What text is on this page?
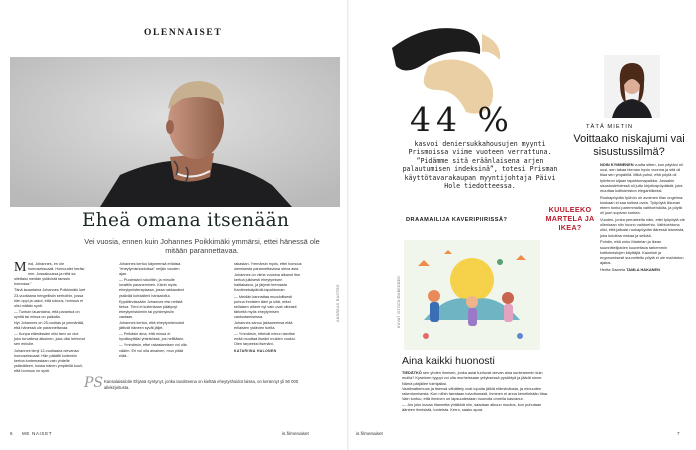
OLENNAISET
ANDREAS RASTRO
Eheä omana itsenään
Vei vuosia, ennen kuin Johannes Poikkimäki ymmärsi, ettei hänessä ole mitään parannettavaa.

Mind, Johannes, en ole homoseksuaali. Homoudet heräsi mm. Jossakuussa ja niitä sa ollettaisi meidän ystävistä tanssin homossa.”

Tänä lauantaina Johannes Poikkimäki luet 23-vuotiaana hengellisiin kerhoihin, jossa hän oppi ja uskoi, että rukous, homous ei olisi mitään synti.

— Tuntuin lauantaina, että parantua on syntiä tai minua on paikalla.

Nyt Johannes on 25-vuotias ja ymmärtää, että hänessä ole parannettavaa.

— Kunpa elämässäni olisi tarvi on olut joku turvaileva aikuinen, joka olisi kertonut sen minulle.

Johannes tienji 12-vuotiaana olevansa homoseksuaali. Hän pääätti kuitenkin kertoa tuntemastaan vain yhdelle ystävälleen, koska hänen ympärillä kuuli, että homous on synti.

Johannes kertoo käyneensä erilaisia "eheytymishoidoissa" neljän vuoden ajan.

— Puolestani rukoiltiin, ja minulle luvattiin paraneminen. Kävin myös eheytymisterapiassa, jossa rakkaudeni ystävää kohdalleni hankaloitui.

Eppäilevässään Johannes etsi netistä tietoa. Tieni ei kuitenkaan päätynyt eheytymistoimiin tai pyrkimyksiin vastaan.

Johannes kertoo, että eheytymishoidot jättivät häneen syvät jäljet.

— Pelkäsin aina, että minua ei hyväksyttäisi yhteisössä, jos hellitäisin.

— Ymmärsin, ettei rakastamisen voi olla väärin. Eri voi olla ainainen, mun pitää elää...

rakastan. Ymmärsin myös, ettei homous olemisesta parannettavissa oleva asia.

Johannes on viime vuosina alkanut itse kertoa julkisesti eheytymisen haittakasvu, ja järjesti teemasta Kantimetsäpäivät-tapahtuman.

— Meidän kannattaa muodollisesti puhua ihmisten ääni ja siitä, miksi sellaisen aiheet nyt vain ovat oikeasti tärkeitä myös eheytymisen vastustamisessa.

Johannes sanoo jaksaneensa elää erilaisten ystävien tuella.

— Ymmärsin, etteivät minun tarvitse enää muuttaa itseäni muiden vuoksi. Olen tarpeeksi itsenäni.

KATARIINA HALONEN

PS Kansalaisaloite Ehjänä syntynyt, jonka tavoitteena on kieltää eheytyshoidot laissa, on kerännyt yli 50 000 allekirjoitusta.

6 ME NAISET	is.fi/menaiset
44 %
kasvoi deniersukkahousujen myynti Prismoissa viime vuoteen verrattuna. ”Pidämme sitä eräänlaisena arjen palautumisen indeksinä”, totesi Prisman käyttötavarakaupan myyntijohtaja Päivi Hole tiedotteessa.
DRAAMAILIJA KAVERIPIIRISSÄ?
KUVAT ISTOCK/EMBEDDED
Aina kaikki huonosti

TIEDÄTKÖ sen yhden ihmisen, jonka asiat tuntuvat olevan aina surkeammin kuin muilla? Kyseinen tyyppi voi olla murheissaan yrityksessä pysähtyä ja jäädä sinne. Nämä pärjäilee toimijaiksi.

Vaatimattomuus ja itsensä vähättely ovat lopulta jälkiä elämänilosta, ja minuuden rakentumisesta. Kun niihin tarrataan toivottomasti, ihminen ei anna kenellekään tilaa. Vain tuntuu, että ihminen on lapsuudestaan huonolla onnella kasvanut.

— Jos joku kuvaa tilannetta yhtäkkiä niin, saadaan alkuun muutos, kun puhutaan ääneen ihmisistä, tunteista. Kerro, saako apua.

TÄTÄ MIETIN
Voittaako niskajumi vai sisustussilmä?
KUULEEKO MARTELA JA IKEA?

NOIN KYMMENEN vuotta sitten, kun päytäni oli uusi, sen takaa hieman hyvin vuonna ja sitä oli tilaa sen ympärillä. Mikä puhui, että pöytä oli työnteon sijaan tapahtumapaikka. Jossakin sisustuslehdessä oli juttu kirjoituspöydästä, joka muuttaa kotitoimiston eleganttiseksi.

Ruokapöydän työhön on avoimen tilan ongelma: koskaan ei saa sulkea ovea. Työpöytä ikkunan eteen tuntui paremmalta vaihtoehdolta, ja pöytä oli juuri sopivan korkea.

Vuoden, jonka perusteella näin, ettei työpöytä ole ollenkaan niin huono vaihtoehto. Vaihtoehtona olisi, että jatkaisi ruokapöydän ääressä istumista, joka kuluttaa niskaa ja selkää.

Pohdin, että onko Martelan ja Ikean suunnittelijoiden kuuneltava tarkemmin kotitoimistojen käyttäjiä. Kauniisti ja ergonomisesti suunniteltu pöytä ei ole mahdoton ajatus.

Hertta Saarela TAMLA HAKANEN

is.fi/menaiset	7
